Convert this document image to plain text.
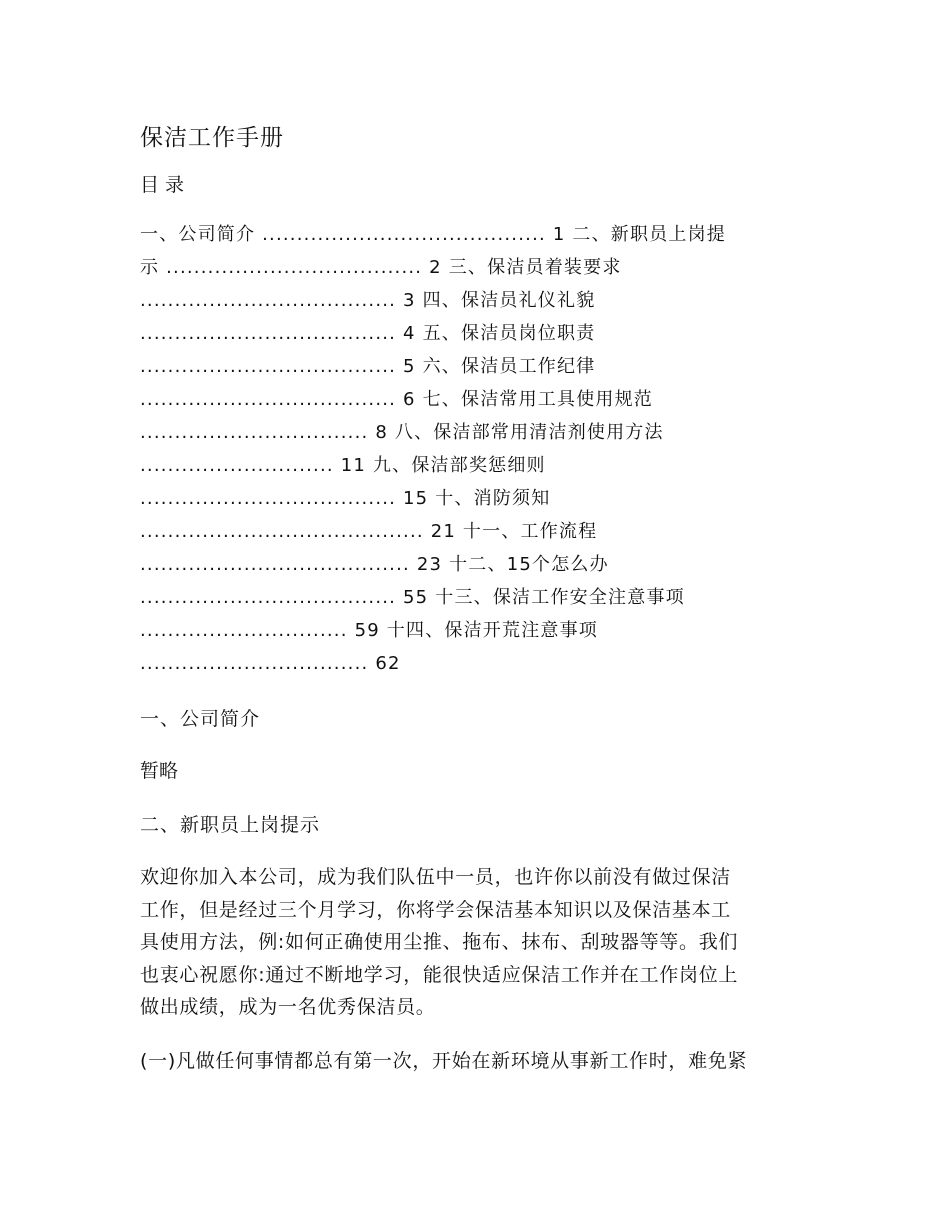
保洁工作手册
目 录
一、公司简介 ......................................... 1 二、新职员上岗提
示 ..................................... 2 三、保洁员着装要求
..................................... 3 四、保洁员礼仪礼貌
..................................... 4 五、保洁员岗位职责
..................................... 5 六、保洁员工作纪律
..................................... 6 七、保洁常用工具使用规范
................................. 8 八、保洁部常用清洁剂使用方法
............................ 11 九、保洁部奖惩细则
..................................... 15 十、消防须知
......................................... 21 十一、工作流程
....................................... 23 十二、15个怎么办
..................................... 55 十三、保洁工作安全注意事项
.............................. 59 十四、保洁开荒注意事项
................................. 62
一、公司简介
暂略
二、新职员上岗提示
欢迎你加入本公司，成为我们队伍中一员，也许你以前没有做过保洁
工作，但是经过三个月学习，你将学会保洁基本知识以及保洁基本工
具使用方法，例:如何正确使用尘推、拖布、抹布、刮玻器等等。我们
也衷心祝愿你:通过不断地学习，能很快适应保洁工作并在工作岗位上
做出成绩，成为一名优秀保洁员。
(一)凡做任何事情都总有第一次，开始在新环境从事新工作时，难免紧
